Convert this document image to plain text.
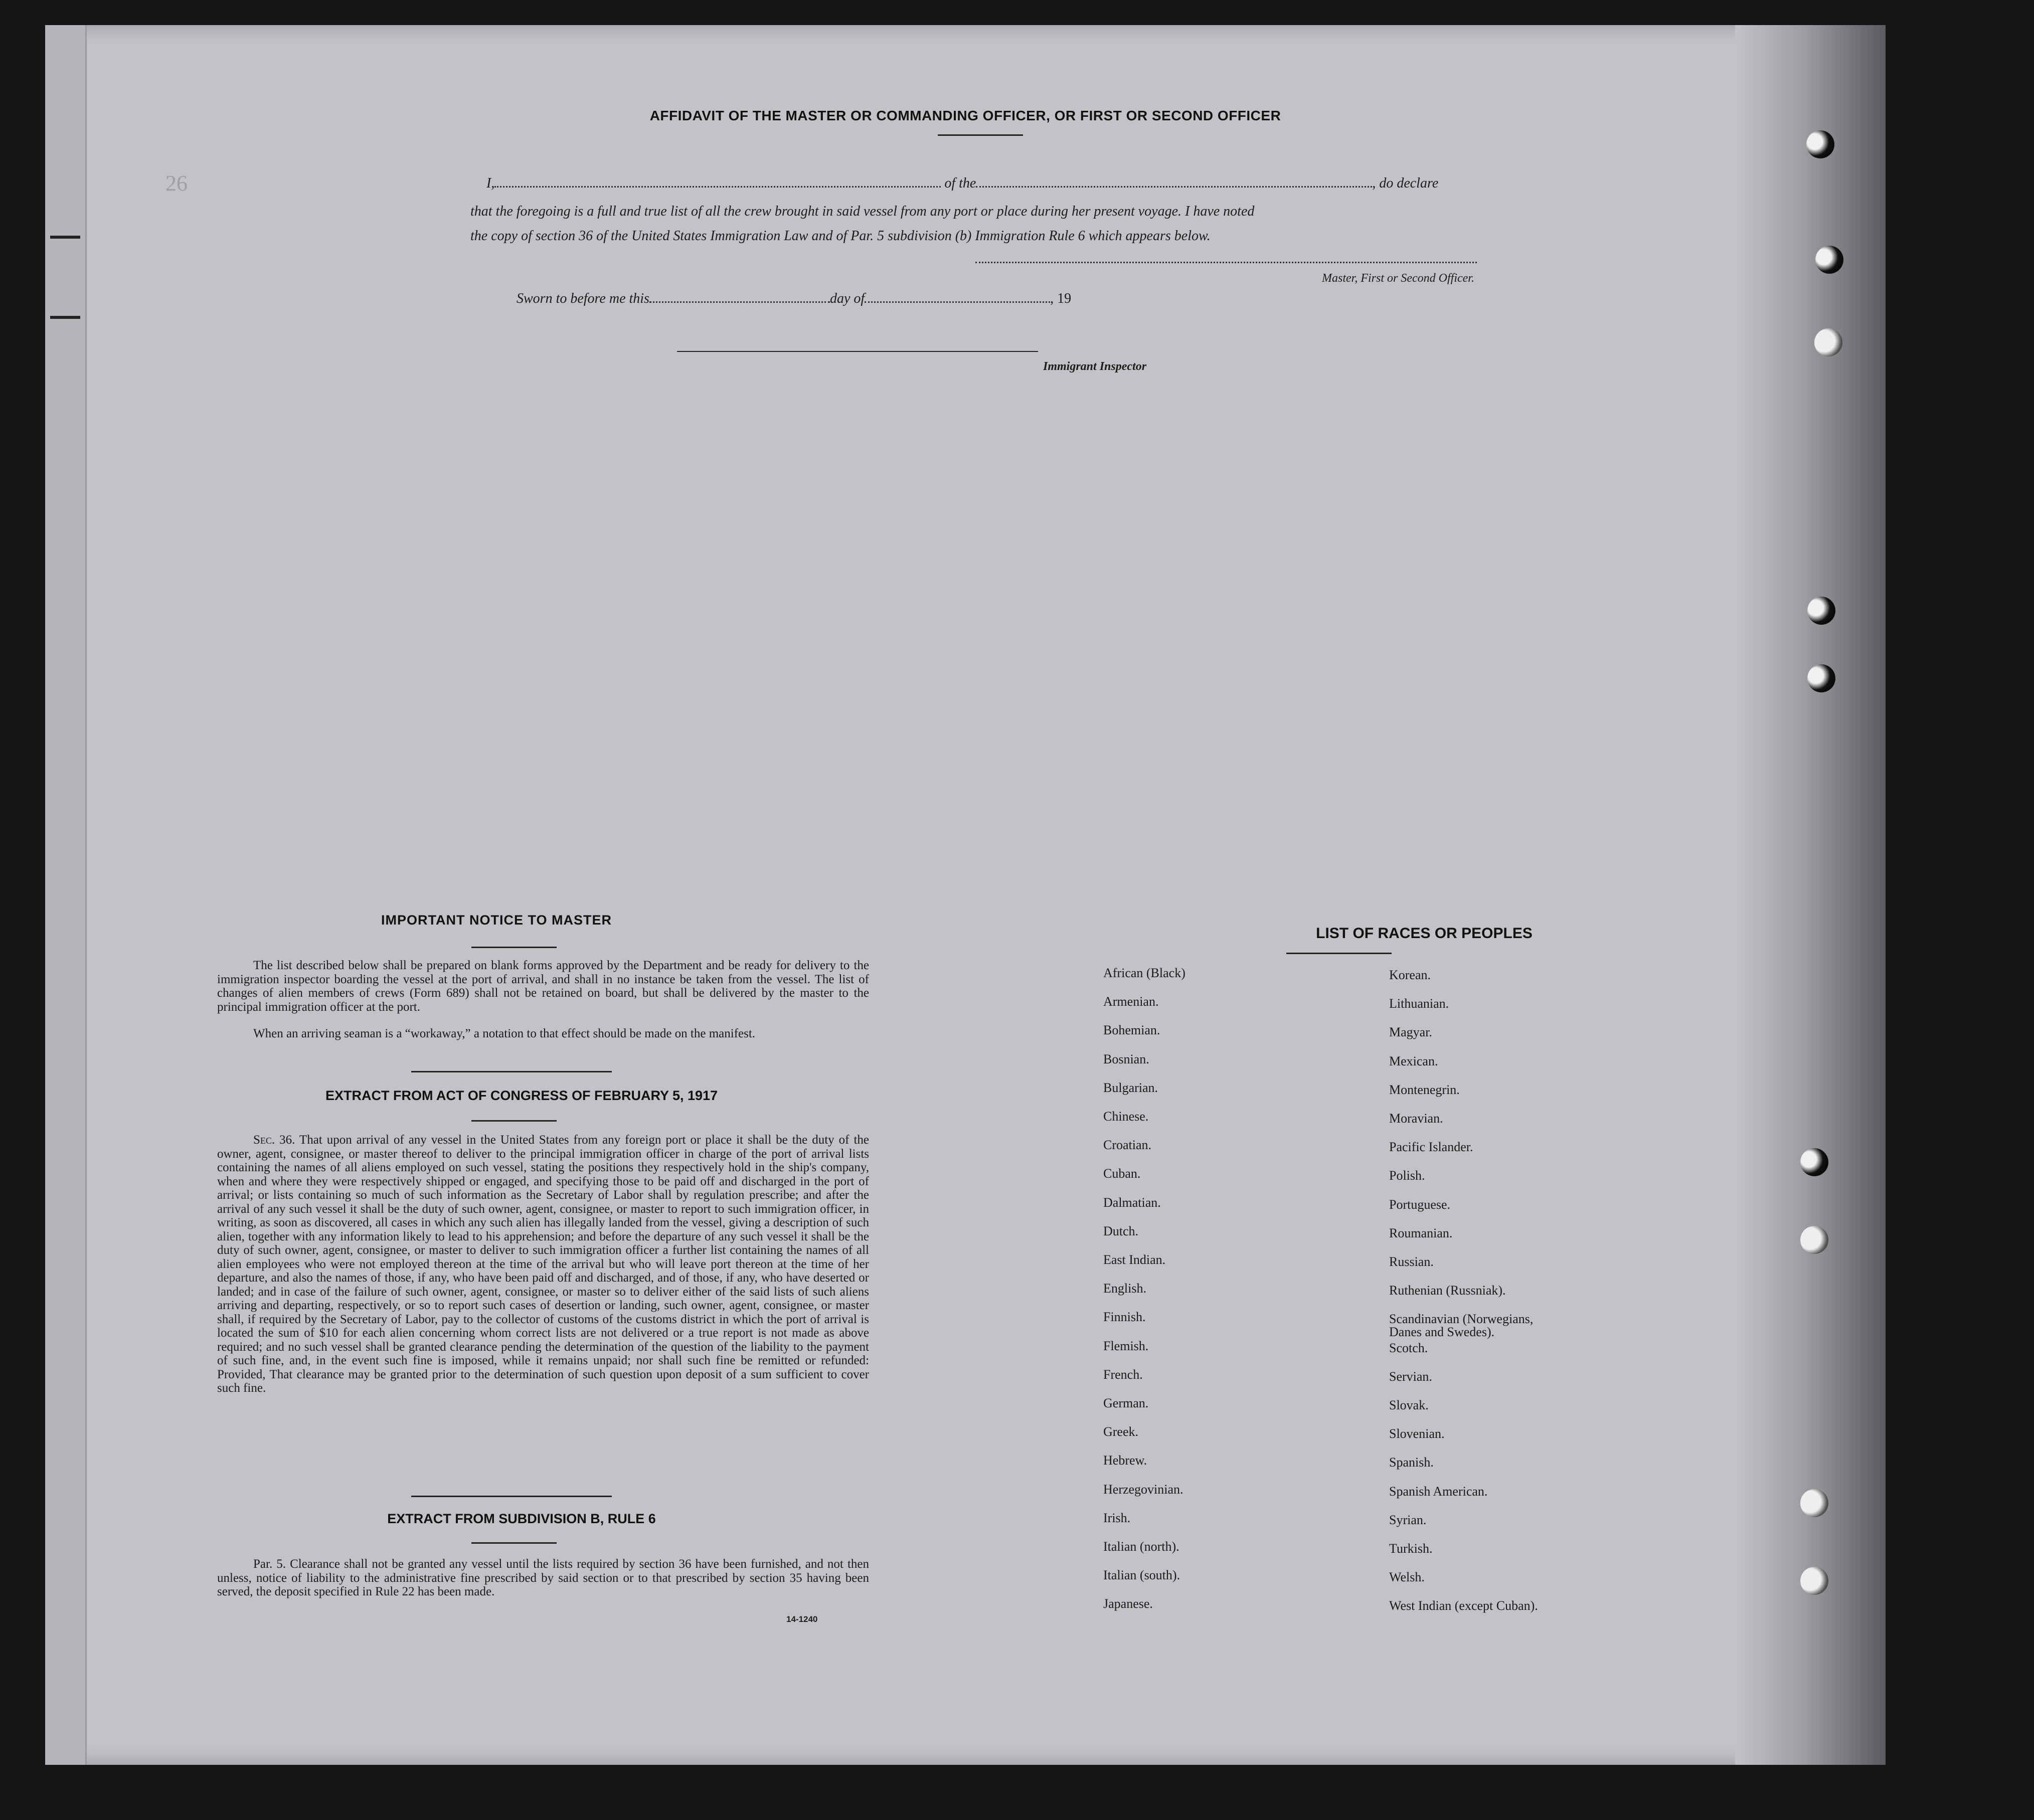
26
AFFIDAVIT OF THE MASTER OR COMMANDING OFFICER, OR FIRST OR SECOND OFFICER
I,	of the	, do declare
that the foregoing is a full and true list of all the crew brought in said vessel from any port or place during her present voyage. I have noted
the copy of section 36 of the United States Immigration Law and of Par. 5 subdivision (b) Immigration Rule 6 which appears below.
Master, First or Second Officer.
Sworn to before me this	day of	, 19
Immigrant Inspector
IMPORTANT NOTICE TO MASTER
The list described below shall be prepared on blank forms approved by the Department and be ready for delivery to the immigration inspector boarding the vessel at the port of arrival, and shall in no instance be taken from the vessel. The list of changes of alien members of crews (Form 689) shall not be retained on board, but shall be delivered by the master to the principal immigration officer at the port.
When an arriving seaman is a “workaway,” a notation to that effect should be made on the manifest.
EXTRACT FROM ACT OF CONGRESS OF FEBRUARY 5, 1917
Sec. 36. That upon arrival of any vessel in the United States from any foreign port or place it shall be the duty of the owner, agent, consignee, or master thereof to deliver to the principal immigration officer in charge of the port of arrival lists containing the names of all aliens employed on such vessel, stating the positions they respectively hold in the ship's company, when and where they were respectively shipped or engaged, and specifying those to be paid off and discharged in the port of arrival; or lists containing so much of such information as the Secretary of Labor shall by regulation prescribe; and after the arrival of any such vessel it shall be the duty of such owner, agent, consignee, or master to report to such immigration officer, in writing, as soon as discovered, all cases in which any such alien has illegally landed from the vessel, giving a description of such alien, together with any information likely to lead to his apprehension; and before the departure of any such vessel it shall be the duty of such owner, agent, consignee, or master to deliver to such immigration officer a further list containing the names of all alien employees who were not employed thereon at the time of the arrival but who will leave port thereon at the time of her departure, and also the names of those, if any, who have been paid off and discharged, and of those, if any, who have deserted or landed; and in case of the failure of such owner, agent, consignee, or master so to deliver either of the said lists of such aliens arriving and departing, respectively, or so to report such cases of desertion or landing, such owner, agent, consignee, or master shall, if required by the Secretary of Labor, pay to the collector of customs of the customs district in which the port of arrival is located the sum of $10 for each alien concerning whom correct lists are not delivered or a true report is not made as above required; and no such vessel shall be granted clearance pending the determination of the question of the liability to the payment of such fine, and, in the event such fine is imposed, while it remains unpaid; nor shall such fine be remitted or refunded: Provided, That clearance may be granted prior to the determination of such question upon deposit of a sum sufficient to cover such fine.
EXTRACT FROM SUBDIVISION B, RULE 6
Par. 5. Clearance shall not be granted any vessel until the lists required by section 36 have been furnished, and not then unless, notice of liability to the administrative fine prescribed by said section or to that prescribed by section 35 having been served, the deposit specified in Rule 22 has been made.
14-1240
LIST OF RACES OR PEOPLES
African (Black)
Armenian.
Bohemian.
Bosnian.
Bulgarian.
Chinese.
Croatian.
Cuban.
Dalmatian.
Dutch.
East Indian.
English.
Finnish.
Flemish.
French.
German.
Greek.
Hebrew.
Herzegovinian.
Irish.
Italian (north).
Italian (south).
Japanese.
Korean.
Lithuanian.
Magyar.
Mexican.
Montenegrin.
Moravian.
Pacific Islander.
Polish.
Portuguese.
Roumanian.
Russian.
Ruthenian (Russniak).
Scandinavian (Norwegians,
Danes and Swedes).
Scotch.
Servian.
Slovak.
Slovenian.
Spanish.
Spanish American.
Syrian.
Turkish.
Welsh.
West Indian (except Cuban).
